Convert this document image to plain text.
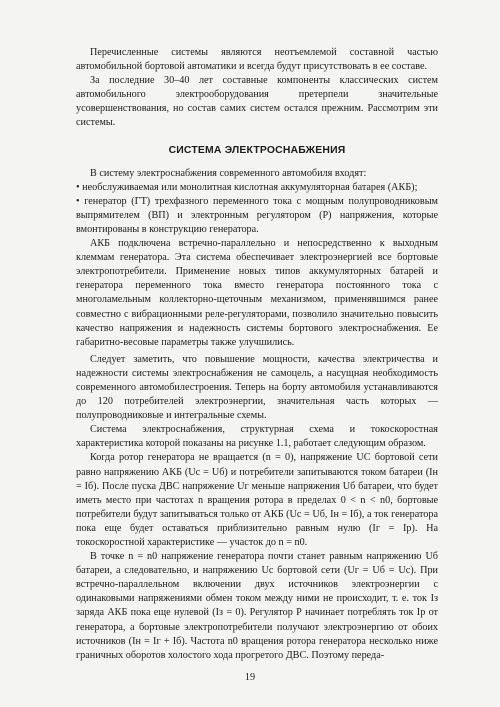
Перечисленные системы являются неотъемлемой составной частью автомобильной бортовой автоматики и всегда будут присутствовать в ее составе.

За последние 30–40 лет составные компоненты классических систем автомобильного электрооборудования претерпели значительные усовершенствования, но состав самих систем остался прежним. Рассмотрим эти системы.

СИСТЕМА ЭЛЕКТРОСНАБЖЕНИЯ

В систему электроснабжения современного автомобиля входят:

• необслуживаемая или монолитная кислотная аккумуляторная батарея (АКБ);

• генератор (ГТ) трехфазного переменного тока с мощным полупроводниковым выпрямителем (ВП) и электронным регулятором (Р) напряжения, которые вмонтированы в конструкцию генератора.

АКБ подключена встречно-параллельно и непосредственно к выходным клеммам генератора. Эта система обеспечивает электроэнергией все бортовые электропотребители. Применение новых типов аккумуляторных батарей и генератора переменного тока вместо генератора постоянного тока с многоламельным коллекторно-щеточным механизмом, применявшимся ранее совместно с вибрационными реле-регуляторами, позволило значительно повысить качество напряжения и надежность системы бортового электроснабжения. Ее габаритно-весовые параметры также улучшились.

Следует заметить, что повышение мощности, качества электричества и надежности системы электроснабжения не самоцель, а насущная необходимость современного автомобилестроения. Теперь на борту автомобиля устанавливаются до 120 потребителей электроэнергии, значительная часть которых — полупроводниковые и интегральные схемы.

Система электроснабжения, структурная схема и токоскоростная характеристика которой показаны на рисунке 1.1, работает следующим образом.

Когда ротор генератора не вращается (n = 0), напряжение UС бортовой сети равно напряжению АКБ (Uс = Uб) и потребители запитываются током батареи (Iн = Iб). После пуска ДВС напряжение Uг меньше напряжения Uб батареи, что будет иметь место при частотах n вращения ротора в пределах 0 < n < n0, бортовые потребители будут запитываться только от АКБ (Uс = Uб, Iн = Iб), а ток генератора пока еще будет оставаться приблизительно равным нулю (Iг = Iр). На токоскоростной характеристике — участок до n = n0.

В точке n = n0 напряжение генератора почти станет равным напряжению Uб батареи, а следовательно, и напряжению Uс бортовой сети (Uг = Uб = Uс). При встречно-параллельном включении двух источников электроэнергии с одинаковыми напряжениями обмен током между ними не происходит, т. е. ток Iз заряда АКБ пока еще нулевой (Iз = 0). Регулятор Р начинает потреблять ток Iр от генератора, а бортовые электропотребители получают электроэнергию от обоих источников (Iн = Iг + Iб). Частота n0 вращения ротора генератора несколько ниже граничных оборотов холостого хода прогретого ДВС. Поэтому переда-

19
